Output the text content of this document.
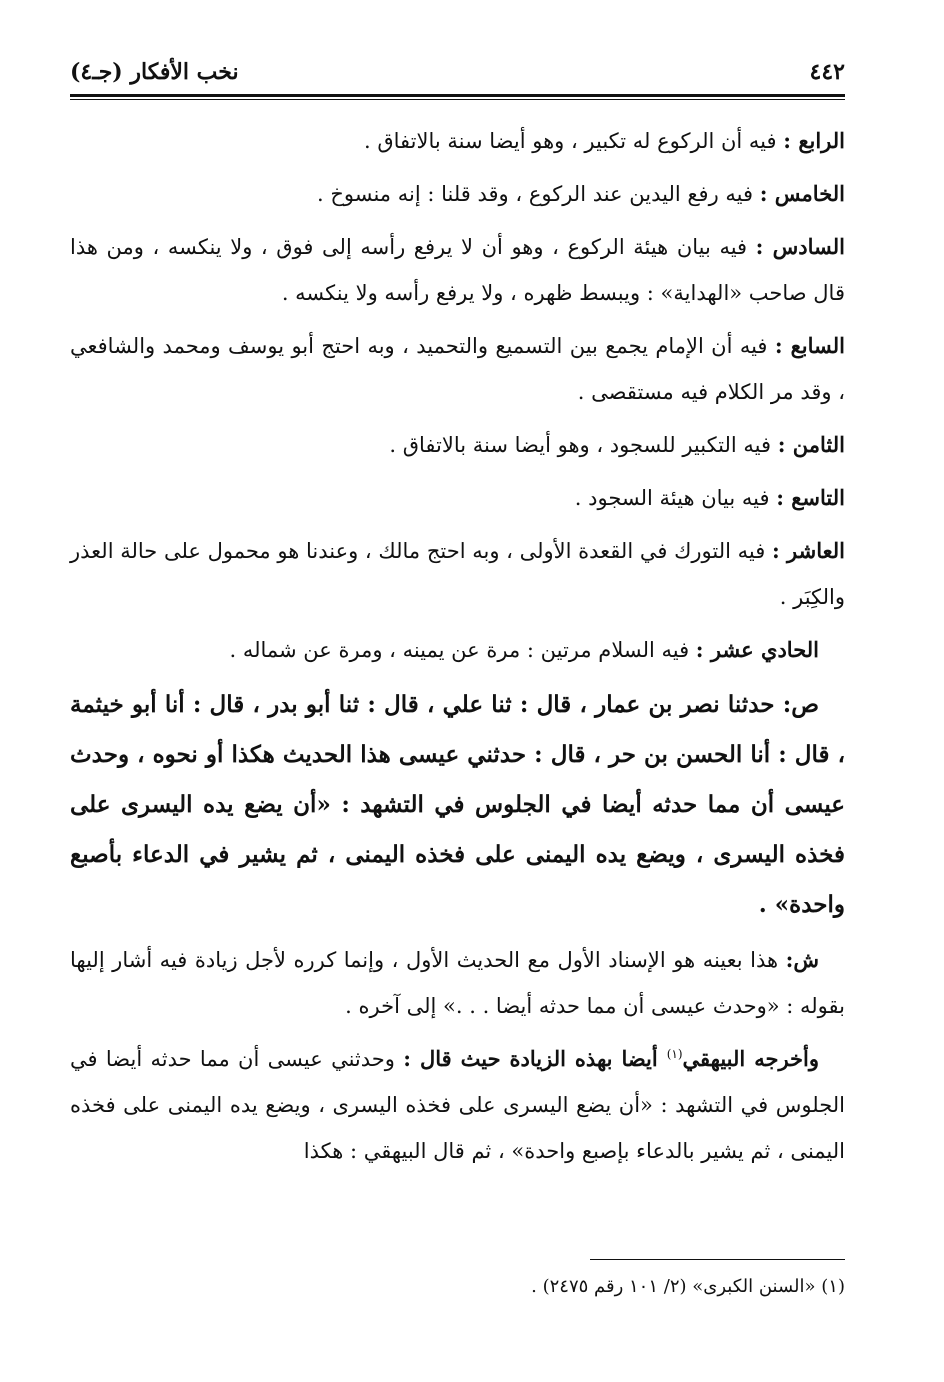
٤٤٢
نخب الأفكار (جـ٤)

الرابع : فيه أن الركوع له تكبير ، وهو أيضا سنة بالاتفاق .

الخامس : فيه رفع اليدين عند الركوع ، وقد قلنا : إنه منسوخ .

السادس : فيه بيان هيئة الركوع ، وهو أن لا يرفع رأسه إلى فوق ، ولا ينكسه ، ومن هذا قال صاحب «الهداية» : ويبسط ظهره ، ولا يرفع رأسه ولا ينكسه .

السابع : فيه أن الإمام يجمع بين التسميع والتحميد ، وبه احتج أبو يوسف ومحمد والشافعي ، وقد مر الكلام فيه مستقصى .

الثامن : فيه التكبير للسجود ، وهو أيضا سنة بالاتفاق .

التاسع : فيه بيان هيئة السجود .

العاشر : فيه التورك في القعدة الأولى ، وبه احتج مالك ، وعندنا هو محمول على حالة العذر والكِبَر .

الحادي عشر : فيه السلام مرتين : مرة عن يمينه ، ومرة عن شماله .

ص: حدثنا نصر بن عمار ، قال : ثنا علي ، قال : ثنا أبو بدر ، قال : أنا أبو خيثمة ، قال : أنا الحسن بن حر ، قال : حدثني عيسى هذا الحديث هكذا أو نحوه ، وحدث عيسى أن مما حدثه أيضا في الجلوس في التشهد : «أن يضع يده اليسرى على فخذه اليسرى ، ويضع يده اليمنى على فخذه اليمنى ، ثم يشير في الدعاء بأصبع واحدة» .

ش: هذا بعينه هو الإسناد الأول مع الحديث الأول ، وإنما كرره لأجل زيادة فيه أشار إليها بقوله : «وحدث عيسى أن مما حدثه أيضا . . .» إلى آخره .

وأخرجه البيهقي$^{(١)}$ أيضا بهذه الزيادة حيث قال : وحدثني عيسى أن مما حدثه أيضا في الجلوس في التشهد : «أن يضع اليسرى على فخذه اليسرى ، ويضع يده اليمنى على فخذه اليمنى ، ثم يشير بالدعاء بإصبع واحدة» ، ثم قال البيهقي : هكذا

(١) «السنن الكبرى» (٢/ ١٠١ رقم ٢٤٧٥) .
